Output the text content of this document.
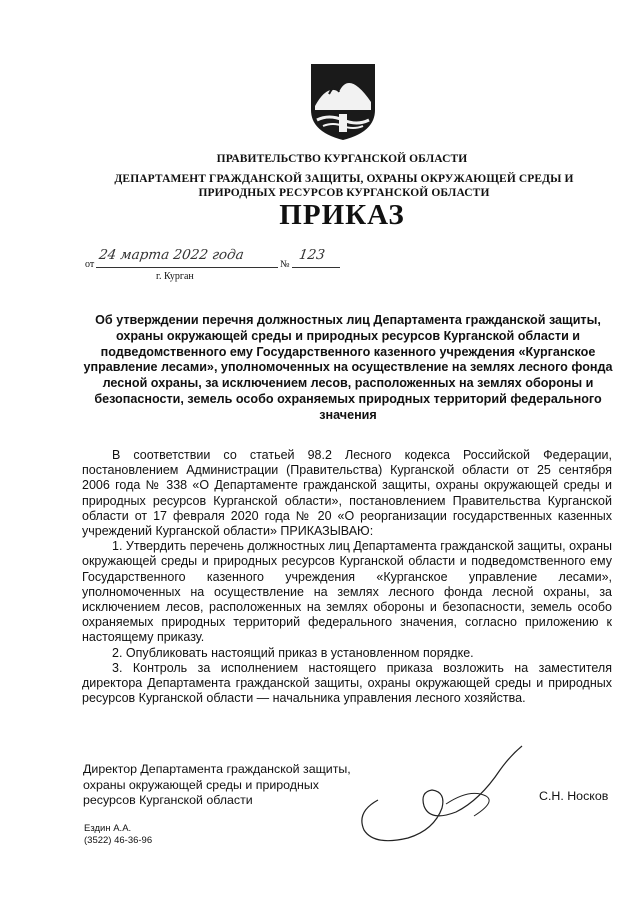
ПРАВИТЕЛЬСТВО КУРГАНСКОЙ ОБЛАСТИ
ДЕПАРТАМЕНТ ГРАЖДАНСКОЙ ЗАЩИТЫ, ОХРАНЫ ОКРУЖАЮЩЕЙ СРЕДЫ И
ПРИРОДНЫХ РЕСУРСОВ КУРГАНСКОЙ ОБЛАСТИ
ПРИКАЗ
от
24 марта 2022 года
№
123
г. Курган
Об утверждении перечня должностных лиц Департамента гражданской защиты, охраны окружающей среды и природных ресурсов Курганской области и подведомственного ему Государственного казенного учреждения «Курганское управление лесами», уполномоченных на осуществление на землях лесного фонда лесной охраны, за исключением лесов, расположенных на землях обороны и безопасности, земель особо охраняемых природных территорий федерального значения

В соответствии со статьей 98.2 Лесного кодекса Российской Федерации, постановлением Администрации (Правительства) Курганской области от 25 сентября 2006 года № 338 «О Департаменте гражданской защиты, охраны окружающей среды и природных ресурсов Курганской области», постановлением Правительства Курганской области от 17 февраля 2020 года № 20 «О реорганизации государственных казенных учреждений Курганской области» ПРИКАЗЫВАЮ:

1. Утвердить перечень должностных лиц Департамента гражданской защиты, охраны окружающей среды и природных ресурсов Курганской области и подведомственного ему Государственного казенного учреждения «Курганское управление лесами», уполномоченных на осуществление на землях лесного фонда лесной охраны, за исключением лесов, расположенных на землях обороны и безопасности, земель особо охраняемых природных территорий федерального значения, согласно приложению к настоящему приказу.

2. Опубликовать настоящий приказ в установленном порядке.

3. Контроль за исполнением настоящего приказа возложить на заместителя директора Департамента гражданской защиты, охраны окружающей среды и природных ресурсов Курганской области — начальника управления лесного хозяйства.

Директор Департамента гражданской защиты,
охраны окружающей среды и природных
ресурсов Курганской области	С.Н. Носков
Ездин А.А.
(3522) 46-36-96
